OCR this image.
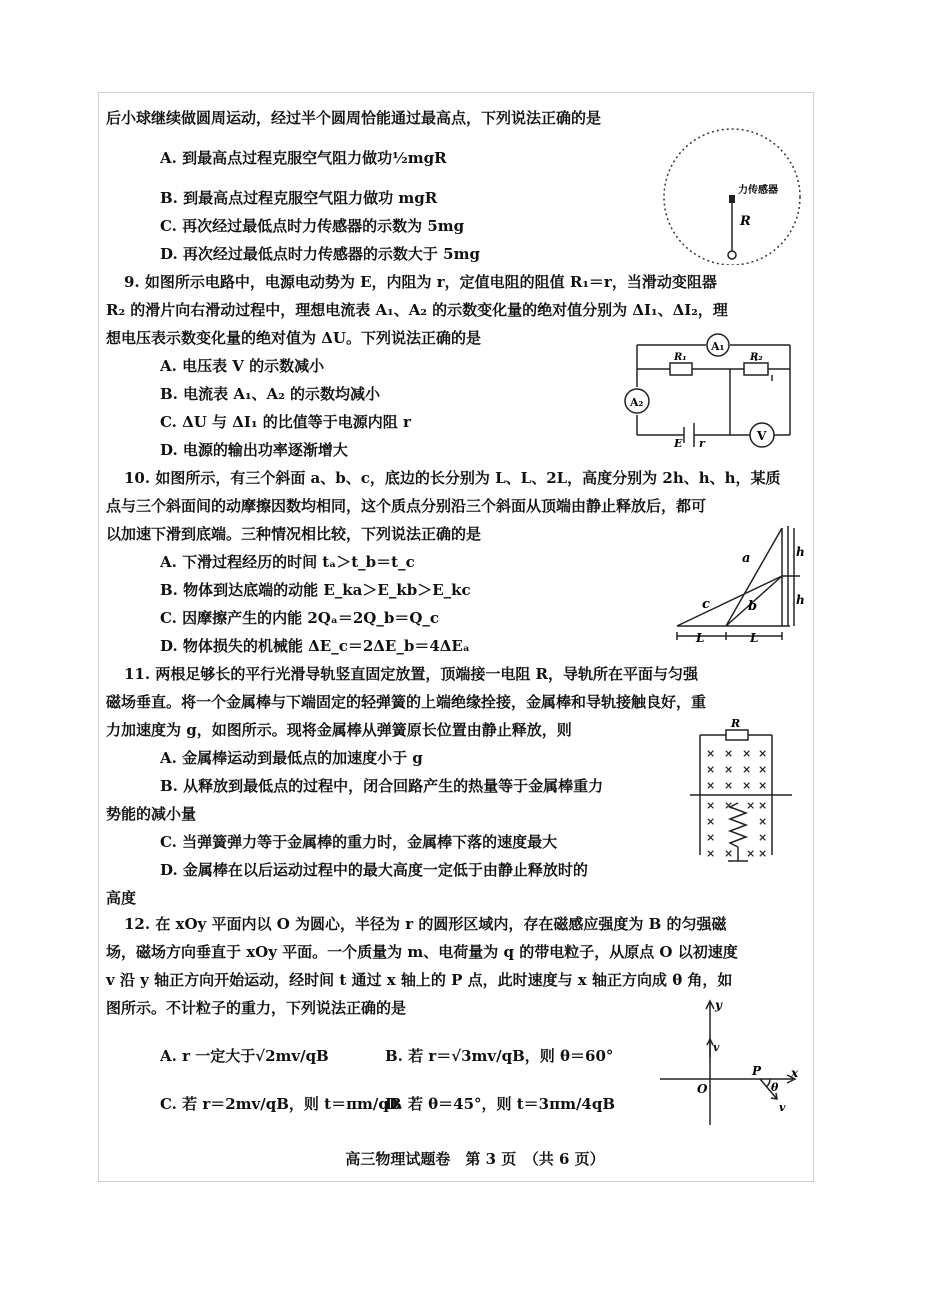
后小球继续做圆周运动，经过半个圆周恰能通过最高点，下列说法正确的是
A. 到最高点过程克服空气阻力做功½mgR
B. 到最高点过程克服空气阻力做功 mgR
C. 再次经过最低点时力传感器的示数为 5mg
D. 再次经过最低点时力传感器的示数大于 5mg
力传感器
R
9. 如图所示电路中，电源电动势为 E，内阻为 r，定值电阻的阻值 R₁＝r，当滑动变阻器
R₂ 的滑片向右滑动过程中，理想电流表 A₁、A₂ 的示数变化量的绝对值分别为 ΔI₁、ΔI₂，理
想电压表示数变化量的绝对值为 ΔU。下列说法正确的是
A. 电压表 V 的示数减小
B. 电流表 A₁、A₂ 的示数均减小
C. ΔU 与 ΔI₁ 的比值等于电源内阻 r
D. 电源的输出功率逐渐增大
A₁
A₂
V
R₁	R₂
E r
10. 如图所示，有三个斜面 a、b、c，底边的长分别为 L、L、2L，高度分别为 2h、h、h，某质
点与三个斜面间的动摩擦因数均相同，这个质点分别沿三个斜面从顶端由静止释放后，都可
以加速下滑到底端。三种情况相比较，下列说法正确的是
A. 下滑过程经历的时间 tₐ＞t_b＝t_c
B. 物体到达底端的动能 E_ka＞E_kb＞E_kc
C. 因摩擦产生的内能 2Qₐ＝2Q_b＝Q_c
D. 物体损失的机械能 ΔE_c＝2ΔE_b＝4ΔEₐ
a
b
c
h
h
L	L
11. 两根足够长的平行光滑导轨竖直固定放置，顶端接一电阻 R，导轨所在平面与匀强
磁场垂直。将一个金属棒与下端固定的轻弹簧的上端绝缘拴接，金属棒和导轨接触良好，重
力加速度为 g，如图所示。现将金属棒从弹簧原长位置由静止释放，则
A. 金属棒运动到最低点的加速度小于 g
B. 从释放到最低点的过程中，闭合回路产生的热量等于金属棒重力
势能的减小量
C. 当弹簧弹力等于金属棒的重力时，金属棒下落的速度最大
D. 金属棒在以后运动过程中的最大高度一定低于由静止释放时的
高度
R
× × × ×
× × × ×
× × × ×
× × × ×
×	×
×	×
× × × ×
12. 在 xOy 平面内以 O 为圆心，半径为 r 的圆形区域内，存在磁感应强度为 B 的匀强磁
场，磁场方向垂直于 xOy 平面。一个质量为 m、电荷量为 q 的带电粒子，从原点 O 以初速度
v 沿 y 轴正方向开始运动，经时间 t 通过 x 轴上的 P 点，此时速度与 x 轴正方向成 θ 角，如
图所示。不计粒子的重力，下列说法正确的是
A. r 一定大于√2mv/qB	B. 若 r＝√3mv/qB，则 θ＝60°
C. 若 r＝2mv/qB，则 t＝πm/qB
D. 若 θ＝45°，则 t＝3πm/4qB
y
x
O
P
v
v
θ
高三物理试题卷　第 3 页　（共 6 页）
